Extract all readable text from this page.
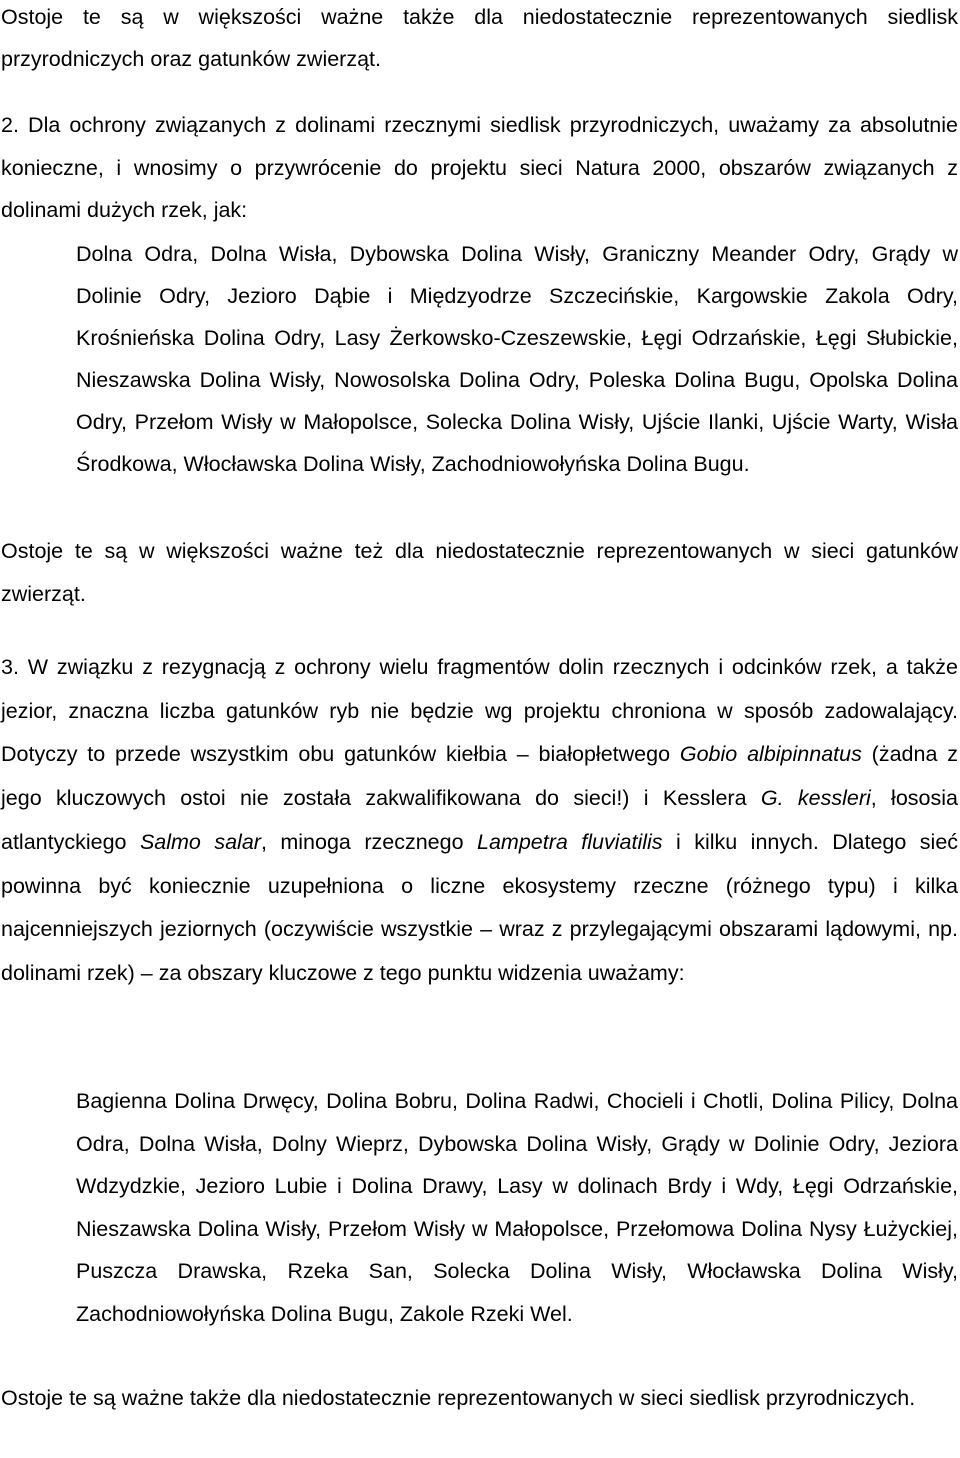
Ostoje te są w większości ważne także dla niedostatecznie reprezentowanych siedlisk przyrodniczych oraz gatunków zwierząt.

2. Dla ochrony związanych z dolinami rzecznymi siedlisk przyrodniczych, uważamy za absolutnie konieczne, i wnosimy o przywrócenie do projektu sieci Natura 2000, obszarów związanych z dolinami dużych rzek, jak:

Dolna Odra, Dolna Wisła, Dybowska Dolina Wisły, Graniczny Meander Odry, Grądy w Dolinie Odry, Jezioro Dąbie i Międzyodrze Szczecińskie, Kargowskie Zakola Odry, Krośnieńska Dolina Odry, Lasy Żerkowsko-Czeszewskie, Łęgi Odrzańskie, Łęgi Słubickie, Nieszawska Dolina Wisły, Nowosolska Dolina Odry, Poleska Dolina Bugu, Opolska Dolina Odry, Przełom Wisły w Małopolsce, Solecka Dolina Wisły, Ujście Ilanki, Ujście Warty, Wisła Środkowa, Włocławska Dolina Wisły, Zachodniowołyńska Dolina Bugu.

Ostoje te są w większości ważne też dla niedostatecznie reprezentowanych w sieci gatunków zwierząt.

3. W związku z rezygnacją z ochrony wielu fragmentów dolin rzecznych i odcinków rzek, a także jezior, znaczna liczba gatunków ryb nie będzie wg projektu chroniona w sposób zadowalający. Dotyczy to przede wszystkim obu gatunków kiełbia – białopłetwego Gobio albipinnatus (żadna z jego kluczowych ostoi nie została zakwalifikowana do sieci!) i Kesslera G. kessleri, łososia atlantyckiego Salmo salar, minoga rzecznego Lampetra fluviatilis i kilku innych. Dlatego sieć powinna być koniecznie uzupełniona o liczne ekosystemy rzeczne (różnego typu) i kilka najcenniejszych jeziornych (oczywiście wszystkie – wraz z przylegającymi obszarami lądowymi, np. dolinami rzek) – za obszary kluczowe z tego punktu widzenia uważamy:

Bagienna Dolina Drwęcy, Dolina Bobru, Dolina Radwi, Chocieli i Chotli, Dolina Pilicy, Dolna Odra, Dolna Wisła, Dolny Wieprz, Dybowska Dolina Wisły, Grądy w Dolinie Odry, Jeziora Wdzydzkie, Jezioro Lubie i Dolina Drawy, Lasy w dolinach Brdy i Wdy, Łęgi Odrzańskie, Nieszawska Dolina Wisły, Przełom Wisły w Małopolsce, Przełomowa Dolina Nysy Łużyckiej, Puszcza Drawska, Rzeka San, Solecka Dolina Wisły, Włocławska Dolina Wisły, Zachodniowołyńska Dolina Bugu, Zakole Rzeki Wel.

Ostoje te są ważne także dla niedostatecznie reprezentowanych w sieci siedlisk przyrodniczych.
